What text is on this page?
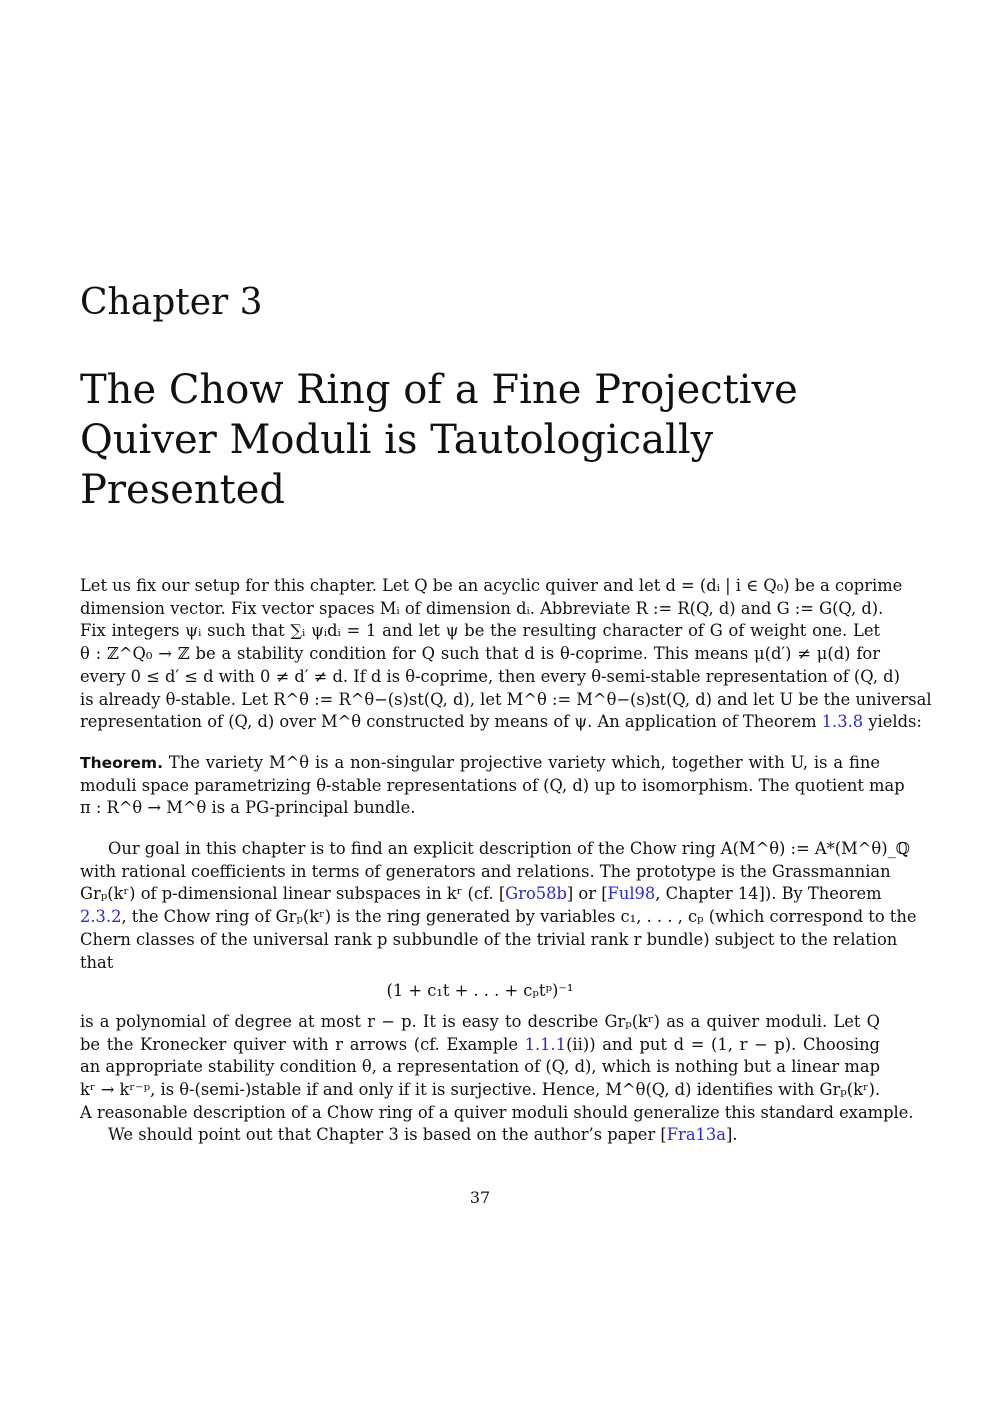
Chapter 3
The Chow Ring of a Fine Projective
Quiver Moduli is Tautologically
Presented
Let us fix our setup for this chapter. Let Q be an acyclic quiver and let d = (dᵢ | i ∈ Q₀) be a coprime
dimension vector. Fix vector spaces Mᵢ of dimension dᵢ. Abbreviate R := R(Q, d) and G := G(Q, d).
Fix integers ψᵢ such that ∑ᵢ ψᵢdᵢ = 1 and let ψ be the resulting character of G of weight one. Let
θ : ℤ^Q₀ → ℤ be a stability condition for Q such that d is θ-coprime. This means μ(d′) ≠ μ(d) for
every 0 ≤ d′ ≤ d with 0 ≠ d′ ≠ d. If d is θ-coprime, then every θ-semi-stable representation of (Q, d)
is already θ-stable. Let R^θ := R^θ−(s)st(Q, d), let M^θ := M^θ−(s)st(Q, d) and let U be the universal
representation of (Q, d) over M^θ constructed by means of ψ. An application of Theorem 1.3.8 yields:
Theorem. The variety M^θ is a non-singular projective variety which, together with U, is a fine
moduli space parametrizing θ-stable representations of (Q, d) up to isomorphism. The quotient map
π : R^θ → M^θ is a PG-principal bundle.
Our goal in this chapter is to find an explicit description of the Chow ring A(M^θ) := A*(M^θ)_ℚ
with rational coefficients in terms of generators and relations. The prototype is the Grassmannian
Grₚ(kʳ) of p-dimensional linear subspaces in kʳ (cf. [Gro58b] or [Ful98, Chapter 14]). By Theorem
2.3.2, the Chow ring of Grₚ(kʳ) is the ring generated by variables c₁, . . . , cₚ (which correspond to the
Chern classes of the universal rank p subbundle of the trivial rank r bundle) subject to the relation
that
(1 + c₁t + . . . + cₚtᵖ)⁻¹
is a polynomial of degree at most r − p. It is easy to describe Grₚ(kʳ) as a quiver moduli. Let Q
be the Kronecker quiver with r arrows (cf. Example 1.1.1(ii)) and put d = (1, r − p). Choosing
an appropriate stability condition θ, a representation of (Q, d), which is nothing but a linear map
kʳ → kʳ⁻ᵖ, is θ-(semi-)stable if and only if it is surjective. Hence, M^θ(Q, d) identifies with Grₚ(kʳ).
A reasonable description of a Chow ring of a quiver moduli should generalize this standard example.
We should point out that Chapter 3 is based on the author’s paper [Fra13a].
37
